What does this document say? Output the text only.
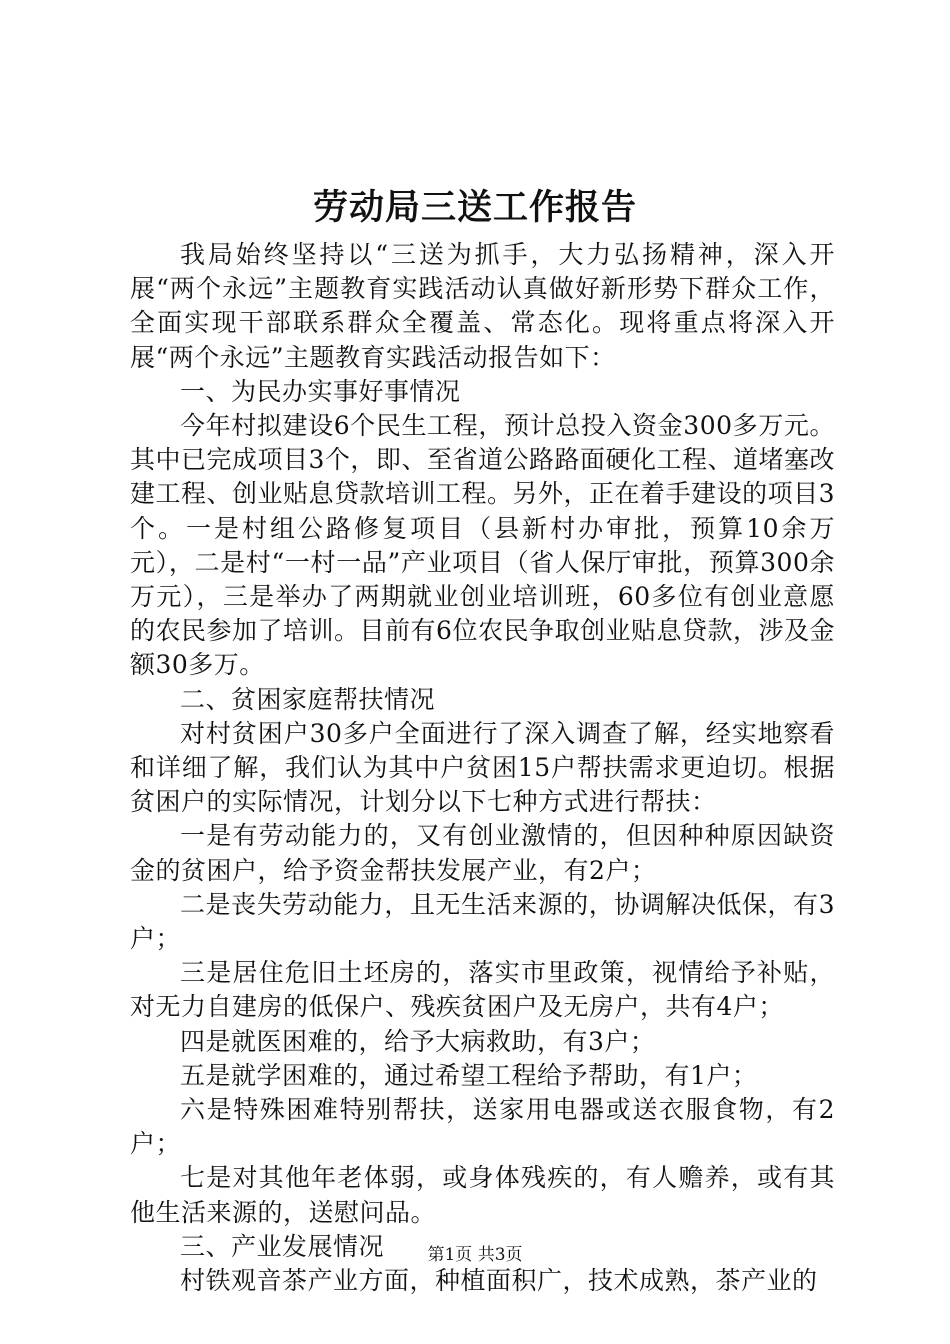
劳动局三送工作报告

我局始终坚持以“三送为抓手，大力弘扬精神，深入开展“两个永远”主题教育实践活动认真做好新形势下群众工作，全面实现干部联系群众全覆盖、常态化。现将重点将深入开展“两个永远”主题教育实践活动报告如下：

一、为民办实事好事情况

今年村拟建设6个民生工程，预计总投入资金300多万元。其中已完成项目3个，即、至省道公路路面硬化工程、道堵塞改建工程、创业贴息贷款培训工程。另外，正在着手建设的项目3个。一是村组公路修复项目（县新村办审批，预算10余万元），二是村“一村一品”产业项目（省人保厅审批，预算300余万元），三是举办了两期就业创业培训班，60多位有创业意愿的农民参加了培训。目前有6位农民争取创业贴息贷款，涉及金额30多万。

二、贫困家庭帮扶情况

对村贫困户30多户全面进行了深入调查了解，经实地察看和详细了解，我们认为其中户贫困15户帮扶需求更迫切。根据贫困户的实际情况，计划分以下七种方式进行帮扶：

一是有劳动能力的，又有创业激情的，但因种种原因缺资金的贫困户，给予资金帮扶发展产业，有2户；

二是丧失劳动能力，且无生活来源的，协调解决低保，有3户；

三是居住危旧土坯房的，落实市里政策，视情给予补贴，对无力自建房的低保户、残疾贫困户及无房户，共有4户；

四是就医困难的，给予大病救助，有3户；

五是就学困难的，通过希望工程给予帮助，有1户；

六是特殊困难特别帮扶，送家用电器或送衣服食物，有2户；

七是对其他年老体弱，或身体残疾的，有人赡养，或有其他生活来源的，送慰问品。

三、产业发展情况

村铁观音茶产业方面，种植面积广，技术成熟，茶产业的

第1页 共3页
